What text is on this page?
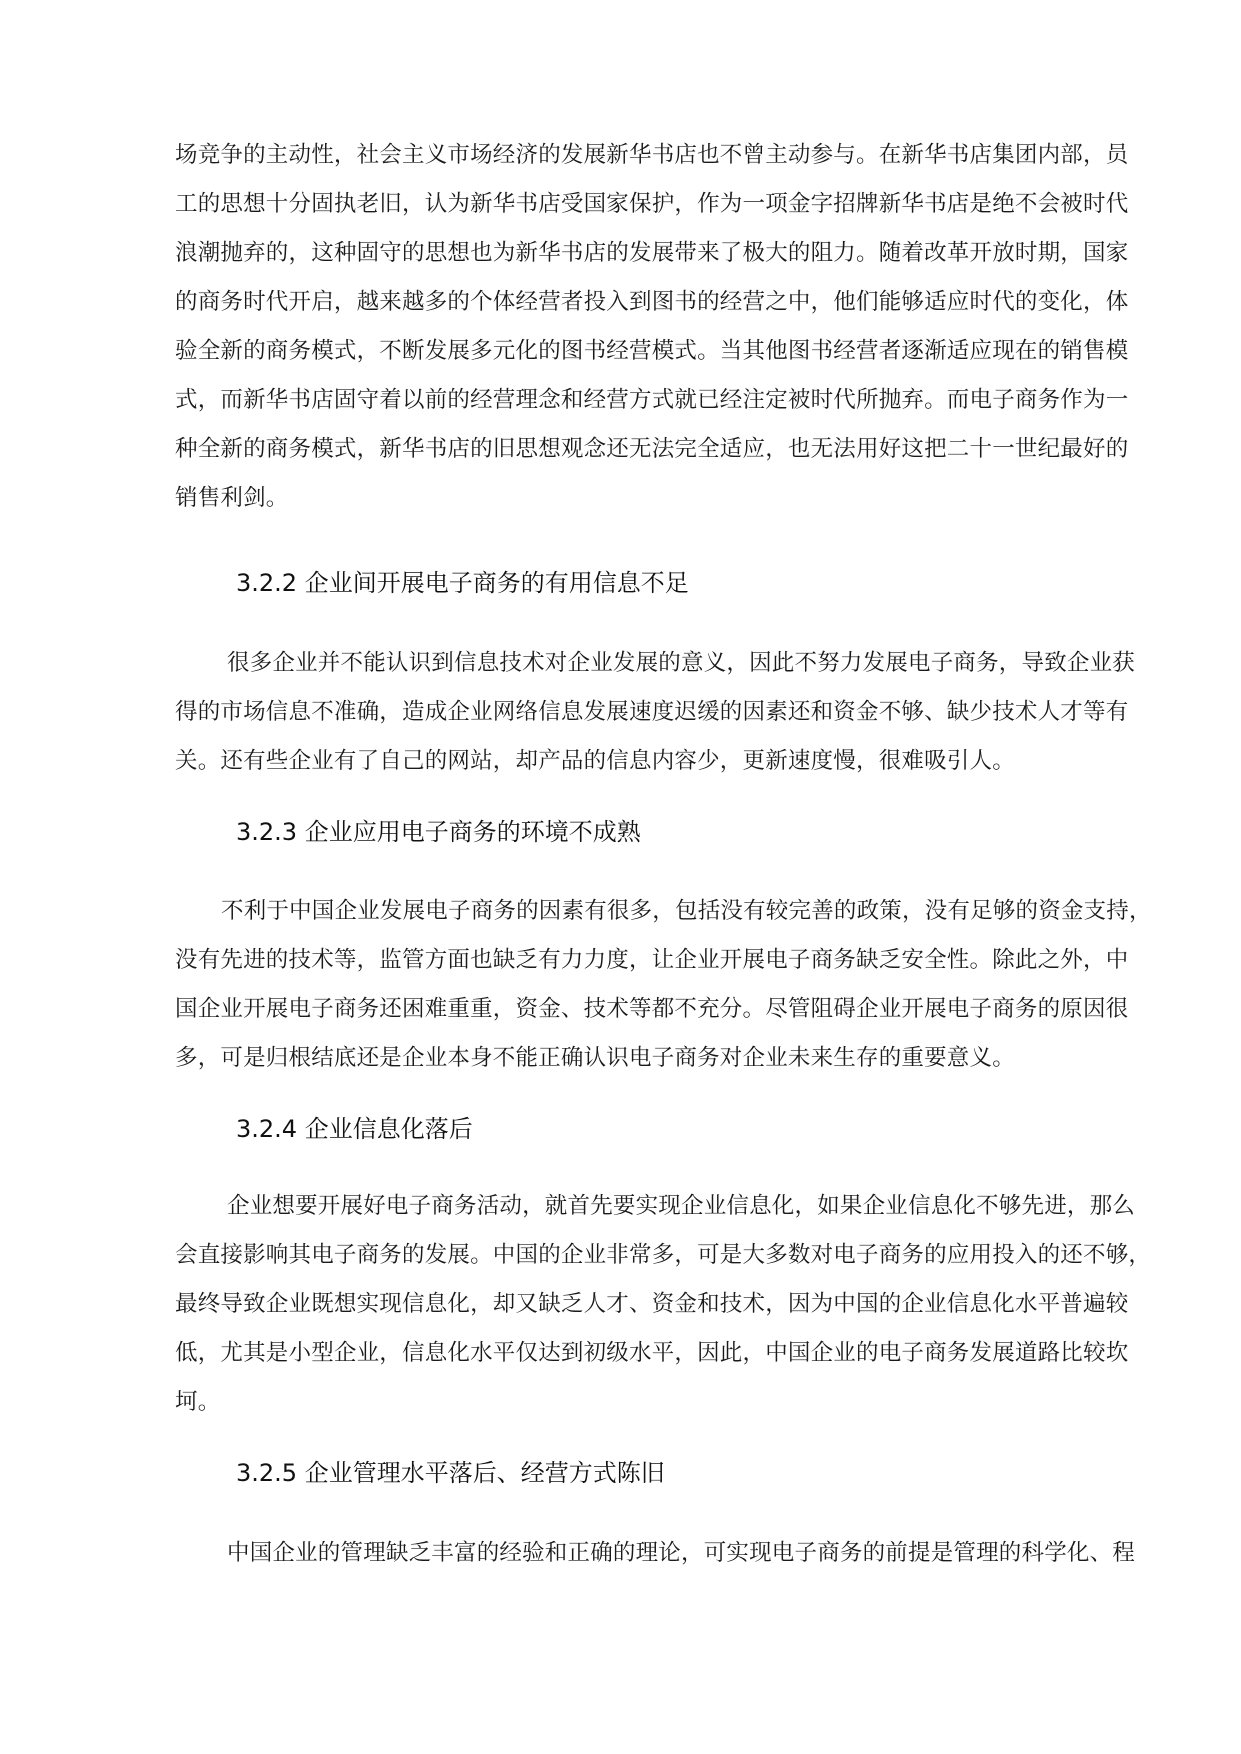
场竞争的主动性，社会主义市场经济的发展新华书店也不曾主动参与。在新华书店集团内部，员
工的思想十分固执老旧，认为新华书店受国家保护，作为一项金字招牌新华书店是绝不会被时代
浪潮抛弃的，这种固守的思想也为新华书店的发展带来了极大的阻力。随着改革开放时期，国家
的商务时代开启，越来越多的个体经营者投入到图书的经营之中，他们能够适应时代的变化，体
验全新的商务模式，不断发展多元化的图书经营模式。当其他图书经营者逐渐适应现在的销售模
式，而新华书店固守着以前的经营理念和经营方式就已经注定被时代所抛弃。而电子商务作为一
种全新的商务模式，新华书店的旧思想观念还无法完全适应，也无法用好这把二十一世纪最好的
销售利剑。
3.2.2 企业间开展电子商务的有用信息不足
很多企业并不能认识到信息技术对企业发展的意义，因此不努力发展电子商务，导致企业获
得的市场信息不准确，造成企业网络信息发展速度迟缓的因素还和资金不够、缺少技术人才等有
关。还有些企业有了自己的网站，却产品的信息内容少，更新速度慢，很难吸引人。
3.2.3 企业应用电子商务的环境不成熟
不利于中国企业发展电子商务的因素有很多，包括没有较完善的政策，没有足够的资金支持，
没有先进的技术等，监管方面也缺乏有力力度，让企业开展电子商务缺乏安全性。除此之外，中
国企业开展电子商务还困难重重，资金、技术等都不充分。尽管阻碍企业开展电子商务的原因很
多，可是归根结底还是企业本身不能正确认识电子商务对企业未来生存的重要意义。
3.2.4 企业信息化落后
企业想要开展好电子商务活动，就首先要实现企业信息化，如果企业信息化不够先进，那么
会直接影响其电子商务的发展。中国的企业非常多，可是大多数对电子商务的应用投入的还不够，
最终导致企业既想实现信息化，却又缺乏人才、资金和技术，因为中国的企业信息化水平普遍较
低，尤其是小型企业，信息化水平仅达到初级水平，因此，中国企业的电子商务发展道路比较坎
坷。
3.2.5 企业管理水平落后、经营方式陈旧
中国企业的管理缺乏丰富的经验和正确的理论，可实现电子商务的前提是管理的科学化、程
